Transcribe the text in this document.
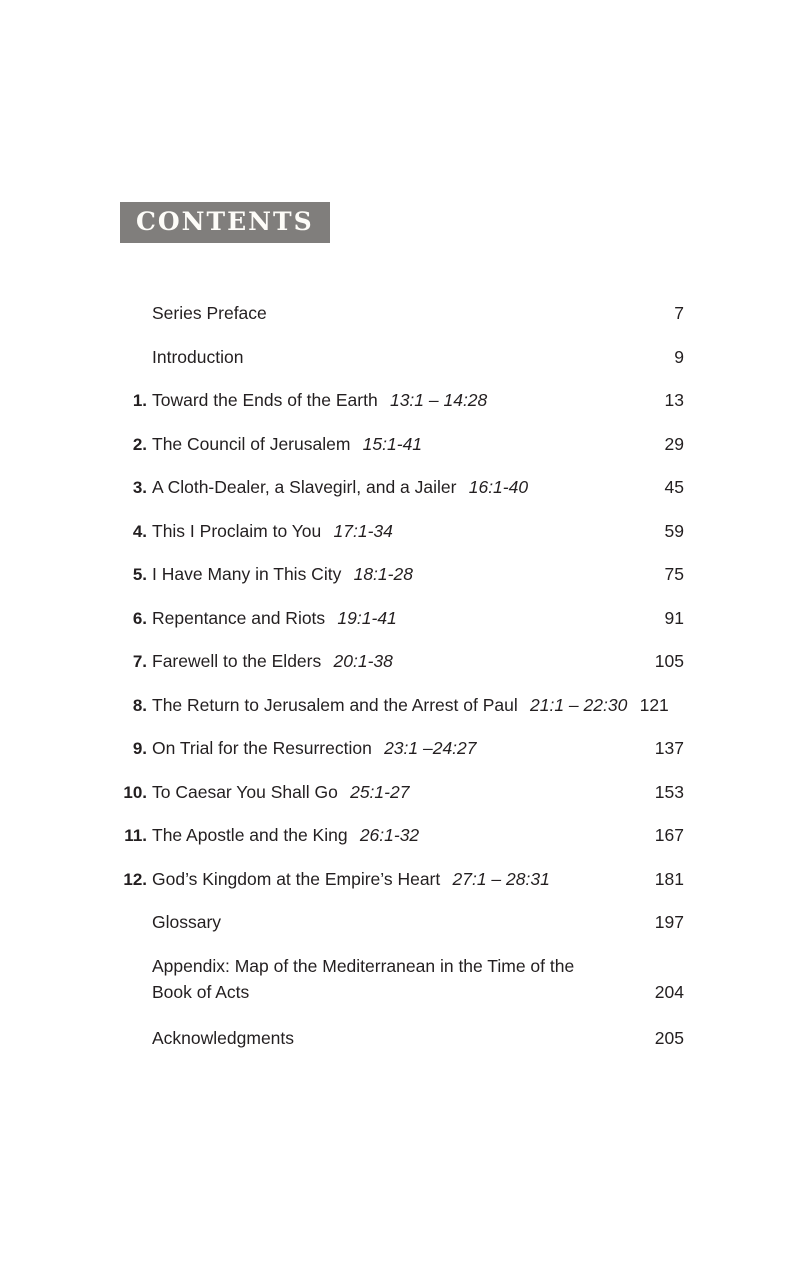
CONTENTS
Series Preface	7
Introduction	9
1. Toward the Ends of the Earth  13:1 – 14:28	13
2. The Council of Jerusalem  15:1-41	29
3. A Cloth-Dealer, a Slavegirl, and a Jailer  16:1-40	45
4. This I Proclaim to You  17:1-34	59
5. I Have Many in This City  18:1-28	75
6. Repentance and Riots  19:1-41	91
7. Farewell to the Elders  20:1-38	105
8. The Return to Jerusalem and the Arrest of Paul  21:1 – 22:30  121
9. On Trial for the Resurrection  23:1 –24:27	137
10. To Caesar You Shall Go  25:1-27	153
11. The Apostle and the King  26:1-32	167
12. God’s Kingdom at the Empire’s Heart  27:1 – 28:31	181
Glossary	197
Appendix: Map of the Mediterranean in the Time of the Book of Acts	204
Acknowledgments	205
